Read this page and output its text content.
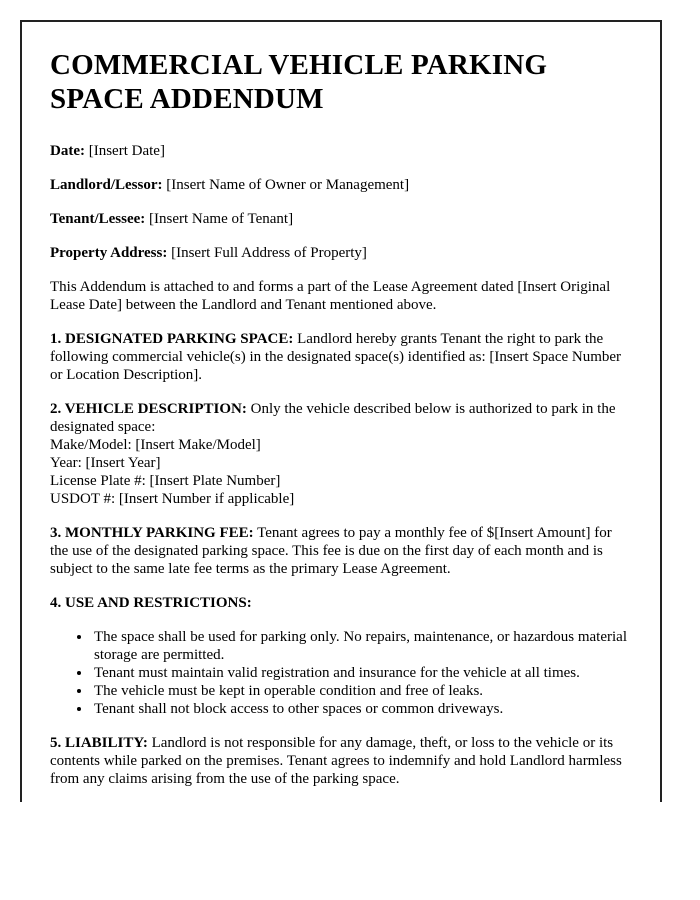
COMMERCIAL VEHICLE PARKING SPACE ADDENDUM

Date: [Insert Date]

Landlord/Lessor: [Insert Name of Owner or Management]

Tenant/Lessee: [Insert Name of Tenant]

Property Address: [Insert Full Address of Property]

This Addendum is attached to and forms a part of the Lease Agreement dated [Insert Original Lease Date] between the Landlord and Tenant mentioned above.

1. DESIGNATED PARKING SPACE: Landlord hereby grants Tenant the right to park the following commercial vehicle(s) in the designated space(s) identified as: [Insert Space Number or Location Description].

2. VEHICLE DESCRIPTION: Only the vehicle described below is authorized to park in the designated space:

Make/Model: [Insert Make/Model]
Year: [Insert Year]
License Plate #: [Insert Plate Number]
USDOT #: [Insert Number if applicable]

3. MONTHLY PARKING FEE: Tenant agrees to pay a monthly fee of $[Insert Amount] for the use of the designated parking space. This fee is due on the first day of each month and is subject to the same late fee terms as the primary Lease Agreement.

4. USE AND RESTRICTIONS:

• The space shall be used for parking only. No repairs, maintenance, or hazardous material storage are permitted.
• Tenant must maintain valid registration and insurance for the vehicle at all times.
• The vehicle must be kept in operable condition and free of leaks.
• Tenant shall not block access to other spaces or common driveways.

5. LIABILITY: Landlord is not responsible for any damage, theft, or loss to the vehicle or its contents while parked on the premises. Tenant agrees to indemnify and hold Landlord harmless from any claims arising from the use of the parking space.
